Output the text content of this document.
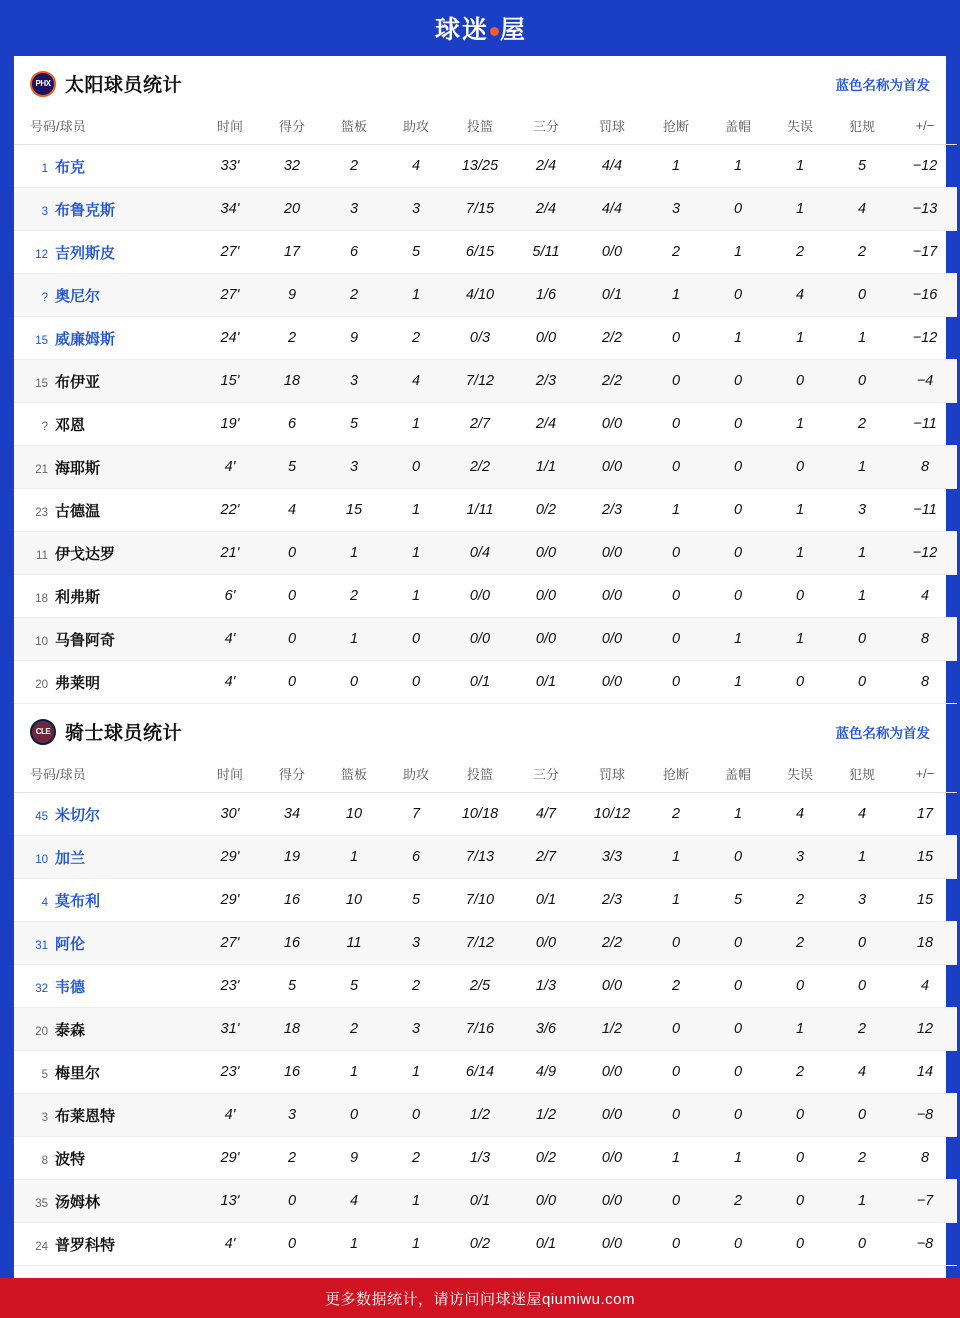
球迷 屋
PHX 太阳球员统计	蓝色名称为首发
号码/球员	时间	得分	篮板	助攻	投篮	三分	罚球	抢断	盖帽	失误	犯规	+/−
1 布克	33'	32	2	4	13/25	2/4	4/4	1	1	1	5	−12
3 布鲁克斯	34'	20	3	3	7/15	2/4	4/4	3	0	1	4	−13
12 吉列斯皮	27'	17	6	5	6/15	5/11	0/0	2	1	2	2	−17
? 奥尼尔	27'	9	2	1	4/10	1/6	0/1	1	0	4	0	−16
15 威廉姆斯	24'	2	9	2	0/3	0/0	2/2	0	1	1	1	−12
15 布伊亚	15'	18	3	4	7/12	2/3	2/2	0	0	0	0	−4
? 邓恩	19'	6	5	1	2/7	2/4	0/0	0	0	1	2	−11
21 海耶斯	4'	5	3	0	2/2	1/1	0/0	0	0	0	1	8
23 古德温	22'	4	15	1	1/11	0/2	2/3	1	0	1	3	−11
11 伊戈达罗	21'	0	1	1	0/4	0/0	0/0	0	0	1	1	−12
18 利弗斯	6'	0	2	1	0/0	0/0	0/0	0	0	0	1	4
10 马鲁阿奇	4'	0	1	0	0/0	0/0	0/0	0	1	1	0	8
20 弗莱明	4'	0	0	0	0/1	0/1	0/0	0	1	0	0	8
CLE 骑士球员统计	蓝色名称为首发
号码/球员	时间	得分	篮板	助攻	投篮	三分	罚球	抢断	盖帽	失误	犯规	+/−
45 米切尔	30'	34	10	7	10/18	4/7	10/12	2	1	4	4	17
10 加兰	29'	19	1	6	7/13	2/7	3/3	1	0	3	1	15
4 莫布利	29'	16	10	5	7/10	0/1	2/3	1	5	2	3	15
31 阿伦	27'	16	11	3	7/12	0/0	2/2	0	0	2	0	18
32 韦德	23'	5	5	2	2/5	1/3	0/0	2	0	0	0	4
20 泰森	31'	18	2	3	7/16	3/6	1/2	0	0	1	2	12
5 梅里尔	23'	16	1	1	6/14	4/9	0/0	0	0	2	4	14
3 布莱恩特	4'	3	0	0	1/2	1/2	0/0	0	0	0	0	−8
8 波特	29'	2	9	2	1/3	0/2	0/0	1	1	0	2	8
35 汤姆林	13'	0	4	1	0/1	0/0	0/0	0	2	0	1	−7
24 普罗科特	4'	0	1	1	0/2	0/1	0/0	0	0	0	0	−8
更多数据统计，请访问问球迷屋qiumiwu.com
